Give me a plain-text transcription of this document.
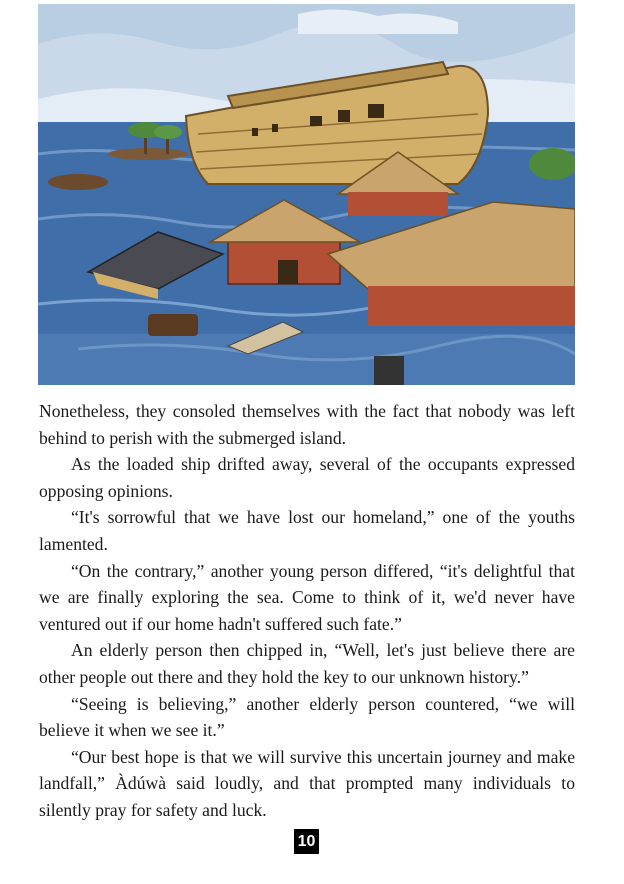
Nonetheless, they consoled themselves with the fact that nobody was left behind to perish with the submerged island.

As the loaded ship drifted away, several of the occupants expressed opposing opinions.

“It's sorrowful that we have lost our homeland,” one of the youths lamented.

“On the contrary,” another young person differed, “it's delightful that we are finally exploring the sea. Come to think of it, we'd never have ventured out if our home hadn't suffered such fate.”

An elderly person then chipped in, “Well, let's just believe there are other people out there and they hold the key to our unknown history.”

“Seeing is believing,” another elderly person countered, “we will believe it when we see it.”

“Our best hope is that we will survive this uncertain journey and make landfall,” Àdúwà said loudly, and that prompted many individuals to silently pray for safety and luck.

10
